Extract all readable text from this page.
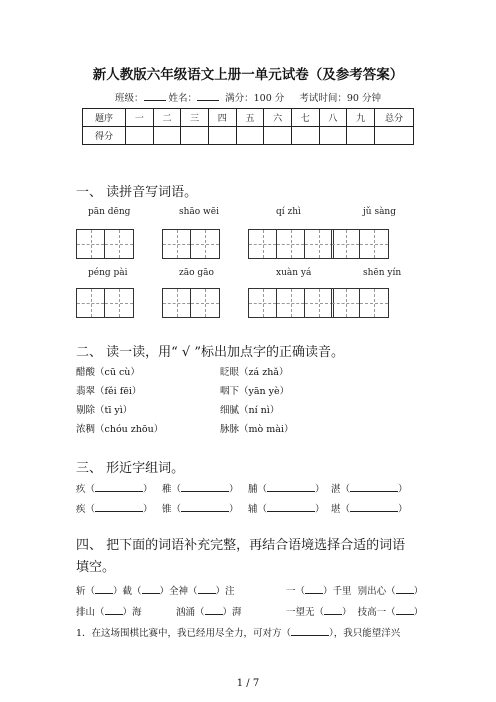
新人教版六年级语文上册一单元试卷（及参考答案）
班级：	姓名：	满分：100 分 考试时间：90 分钟
题序	一	二	三	四	五	六	七	八	九	总分
得分										
一、 读拼音写词语。
pān dēng	shāo wēi	qí zhì	jǔ sàng
péng pài	zāo gāo	xuàn yá	shēn yín
二、 读一读，用“ √ ”标出加点字的正确读音。
醋酸（cū cù）	眨眼（zá zhǎ）
翡翠（fěi fēi）	咽下（yān yè）
剔除（tī yì）	细腻（ní nì）
浓稠（chóu zhōu）	脉脉（mò mài）
三、 形近字组词。
疚（	） 稚（	） 脯（	） 湛（	）
疾（	） 锥（	） 辅（	） 堪（	）
四、 把下面的词语补充完整，再结合语境选择合适的词语
填空。
斩（ ）截（ ）全神（ ）注	一（ ）千里 别出心（ ）
排山（ ）海	汹涌（ ）湃	一望无（ ） 技高一（ ）
1．在这场围棋比赛中，我已经用尽全力，可对方（	），我只能望洋兴
1 / 7
